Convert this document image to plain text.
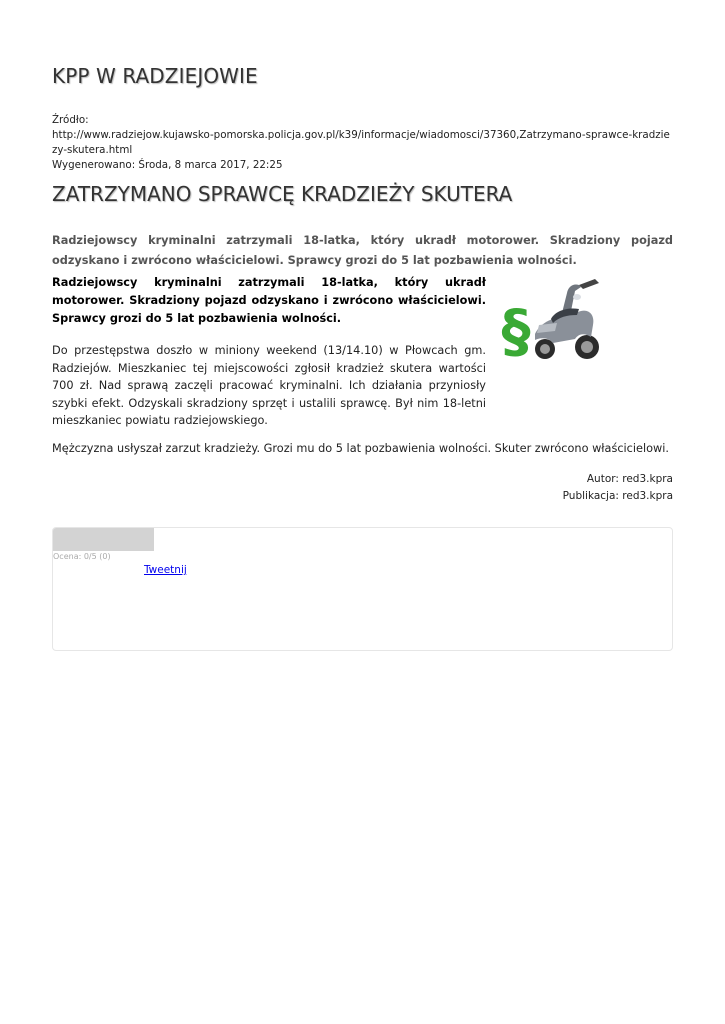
KPP W RADZIEJOWIE
Źródło:
http://www.radziejow.kujawsko-pomorska.policja.gov.pl/k39/informacje/wiadomosci/37360,Zatrzymano-sprawce-kradziezy-skutera.html
Wygenerowano: Środa, 8 marca 2017, 22:25
ZATRZYMANO SPRAWCĘ KRADZIEŻY SKUTERA

Radziejowscy kryminalni zatrzymali 18-latka, który ukradł motorower. Skradziony pojazd odzyskano i zwrócono właścicielowi. Sprawcy grozi do 5 lat pozbawienia wolności.

§

Radziejowscy kryminalni zatrzymali 18-latka, który ukradł motorower. Skradziony pojazd odzyskano i zwrócono właścicielowi. Sprawcy grozi do 5 lat pozbawienia wolności.

Do przestępstwa doszło w miniony weekend (13/14.10) w Płowcach gm. Radziejów. Mieszkaniec tej miejscowości zgłosił kradzież skutera wartości 700 zł. Nad sprawą zaczęli pracować kryminalni. Ich działania przyniosły szybki efekt. Odzyskali skradziony sprzęt i ustalili sprawcę. Był nim 18-letni mieszkaniec powiatu radziejowskiego.

Mężczyzna usłyszał zarzut kradzieży. Grozi mu do 5 lat pozbawienia wolności. Skuter zwrócono właścicielowi.

Autor: red3.kpra
Publikacja: red3.kpra
Ocena: 0/5 (0)
Tweetnij
